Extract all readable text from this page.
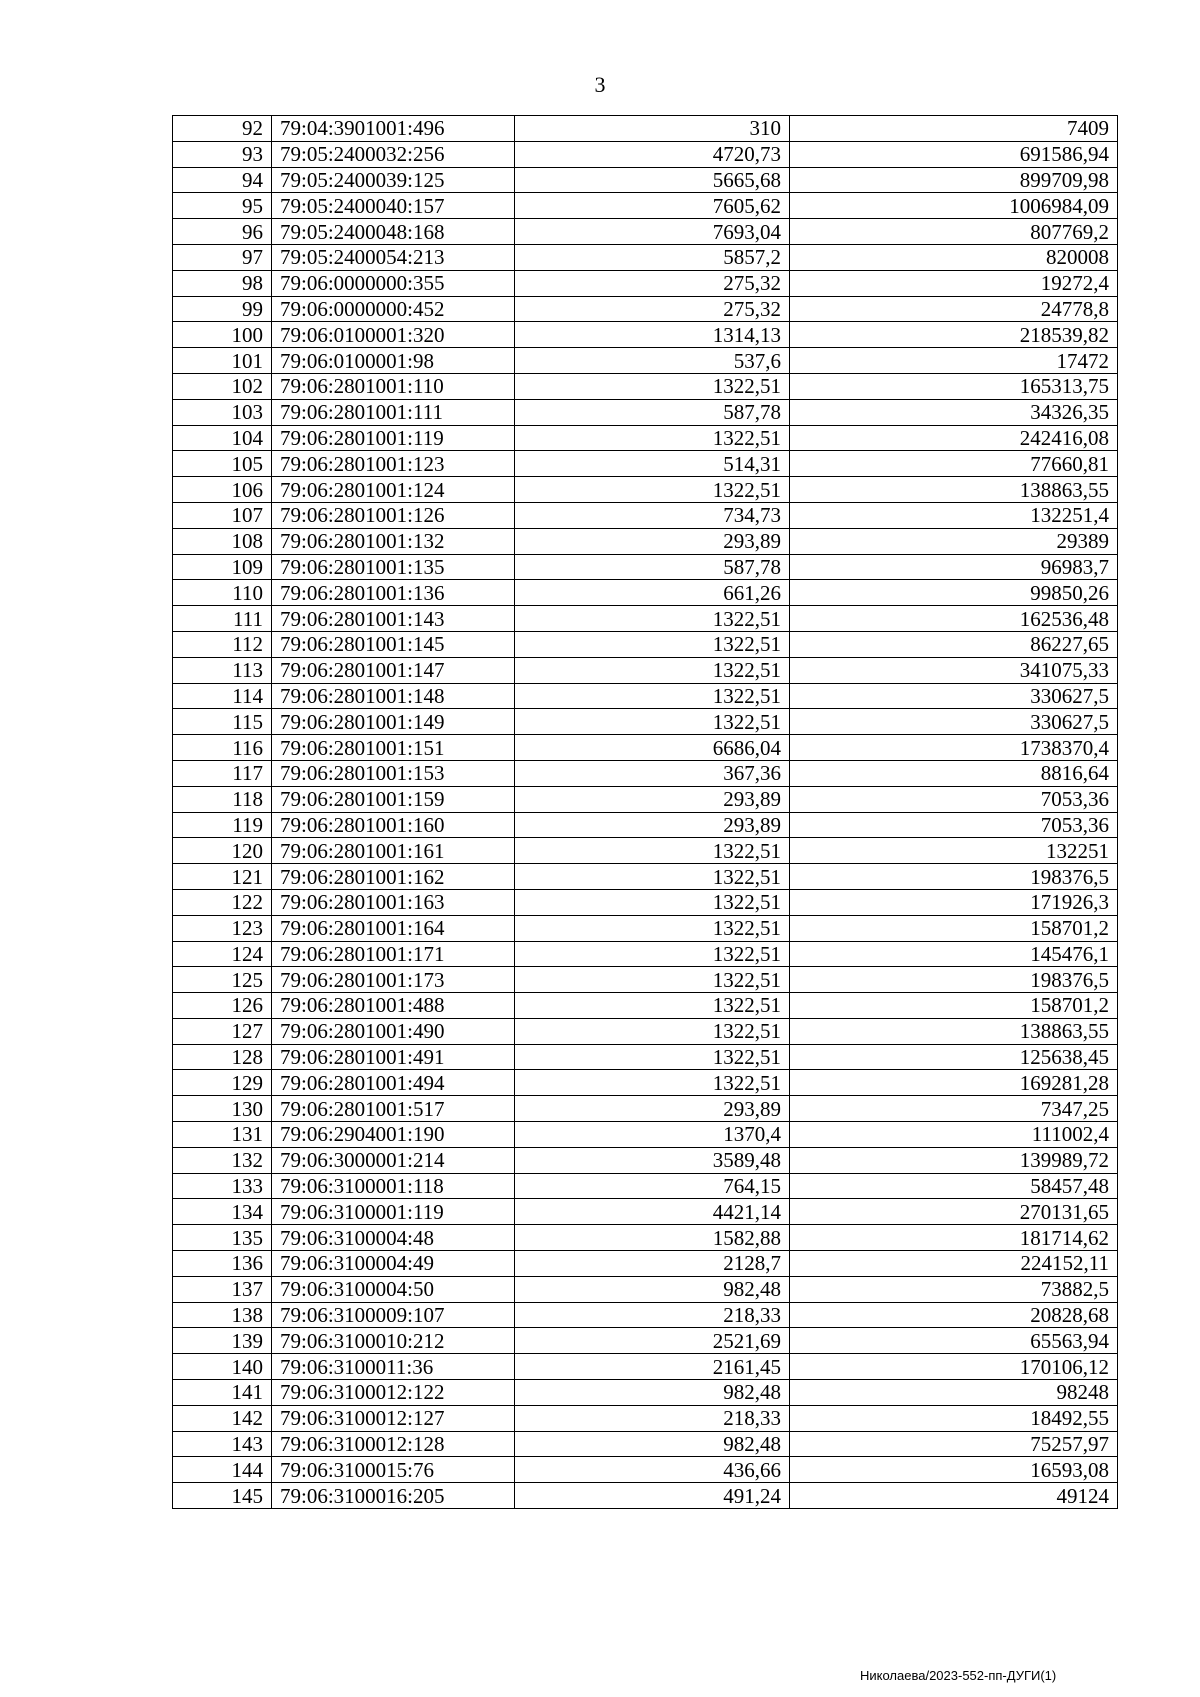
3
92	79:04:3901001:496	310	7409
93	79:05:2400032:256	4720,73	691586,94
94	79:05:2400039:125	5665,68	899709,98
95	79:05:2400040:157	7605,62	1006984,09
96	79:05:2400048:168	7693,04	807769,2
97	79:05:2400054:213	5857,2	820008
98	79:06:0000000:355	275,32	19272,4
99	79:06:0000000:452	275,32	24778,8
100	79:06:0100001:320	1314,13	218539,82
101	79:06:0100001:98	537,6	17472
102	79:06:2801001:110	1322,51	165313,75
103	79:06:2801001:111	587,78	34326,35
104	79:06:2801001:119	1322,51	242416,08
105	79:06:2801001:123	514,31	77660,81
106	79:06:2801001:124	1322,51	138863,55
107	79:06:2801001:126	734,73	132251,4
108	79:06:2801001:132	293,89	29389
109	79:06:2801001:135	587,78	96983,7
110	79:06:2801001:136	661,26	99850,26
111	79:06:2801001:143	1322,51	162536,48
112	79:06:2801001:145	1322,51	86227,65
113	79:06:2801001:147	1322,51	341075,33
114	79:06:2801001:148	1322,51	330627,5
115	79:06:2801001:149	1322,51	330627,5
116	79:06:2801001:151	6686,04	1738370,4
117	79:06:2801001:153	367,36	8816,64
118	79:06:2801001:159	293,89	7053,36
119	79:06:2801001:160	293,89	7053,36
120	79:06:2801001:161	1322,51	132251
121	79:06:2801001:162	1322,51	198376,5
122	79:06:2801001:163	1322,51	171926,3
123	79:06:2801001:164	1322,51	158701,2
124	79:06:2801001:171	1322,51	145476,1
125	79:06:2801001:173	1322,51	198376,5
126	79:06:2801001:488	1322,51	158701,2
127	79:06:2801001:490	1322,51	138863,55
128	79:06:2801001:491	1322,51	125638,45
129	79:06:2801001:494	1322,51	169281,28
130	79:06:2801001:517	293,89	7347,25
131	79:06:2904001:190	1370,4	111002,4
132	79:06:3000001:214	3589,48	139989,72
133	79:06:3100001:118	764,15	58457,48
134	79:06:3100001:119	4421,14	270131,65
135	79:06:3100004:48	1582,88	181714,62
136	79:06:3100004:49	2128,7	224152,11
137	79:06:3100004:50	982,48	73882,5
138	79:06:3100009:107	218,33	20828,68
139	79:06:3100010:212	2521,69	65563,94
140	79:06:3100011:36	2161,45	170106,12
141	79:06:3100012:122	982,48	98248
142	79:06:3100012:127	218,33	18492,55
143	79:06:3100012:128	982,48	75257,97
144	79:06:3100015:76	436,66	16593,08
145	79:06:3100016:205	491,24	49124
Николаева/2023-552-пп-ДУГИ(1)
